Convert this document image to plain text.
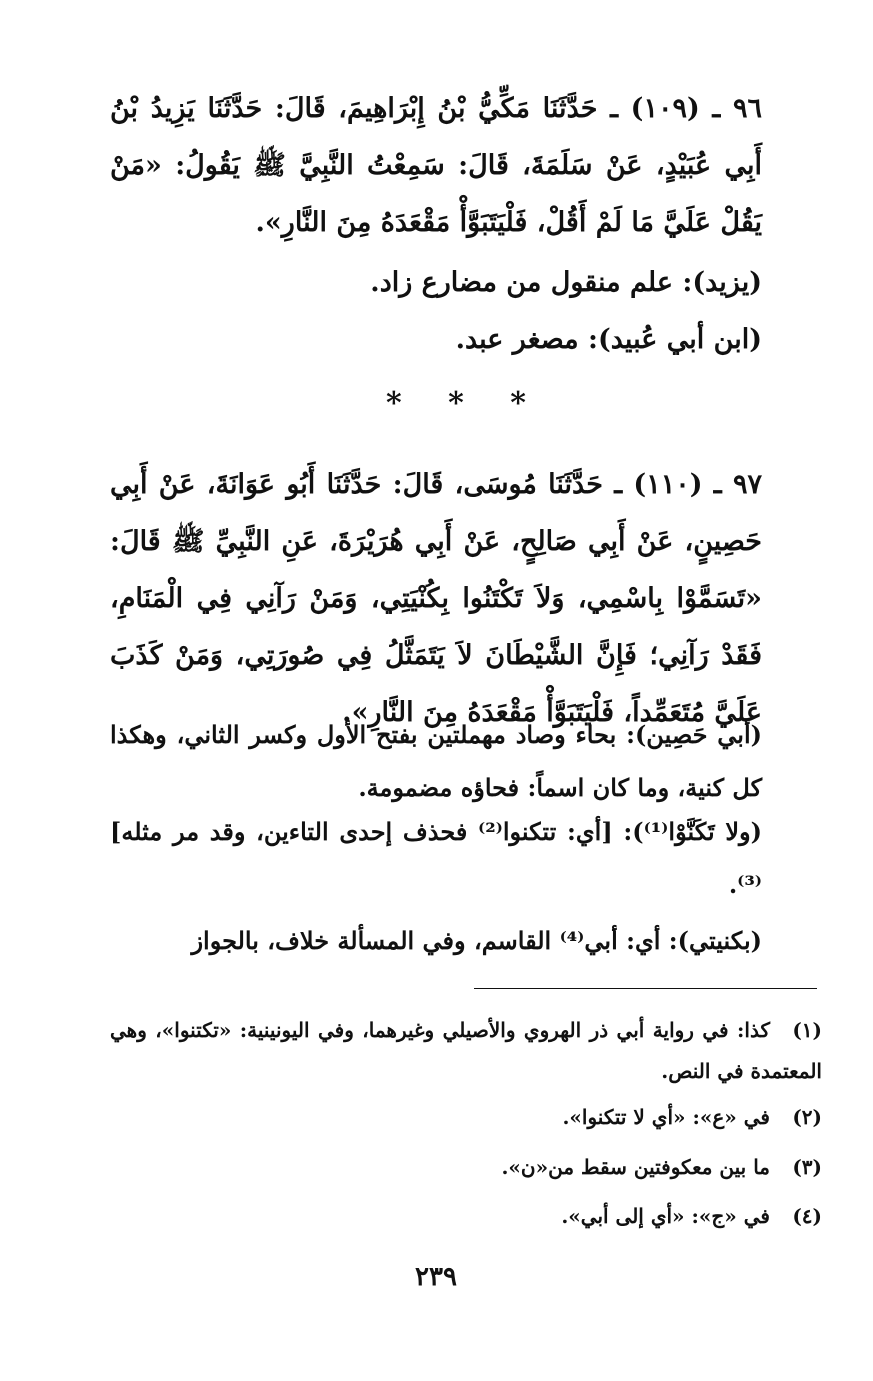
٩٦ ـ (١٠٩) ـ حَدَّثَنَا مَكِّيُّ بْنُ إِبْرَاهِيمَ، قَالَ: حَدَّثَنَا يَزِيدُ بْنُ أَبِي عُبَيْدٍ، عَنْ سَلَمَةَ، قَالَ: سَمِعْتُ النَّبِيَّ ﷺ يَقُولُ: «مَنْ يَقُلْ عَلَيَّ مَا لَمْ أَقُلْ، فَلْيَتَبَوَّأْ مَقْعَدَهُ مِنَ النَّارِ».
(يزيد): علم منقول من مضارع زاد.
(ابن أبي عُبيد): مصغر عبد.
* * *
٩٧ ـ (١١٠) ـ حَدَّثَنَا مُوسَى، قَالَ: حَدَّثَنَا أَبُو عَوَانَةَ، عَنْ أَبِي حَصِينٍ، عَنْ أَبِي صَالِحٍ، عَنْ أَبِي هُرَيْرَةَ، عَنِ النَّبِيِّ ﷺ قَالَ: «تَسَمَّوْا بِاسْمِي، وَلاَ تَكْتَنُوا بِكُنْيَتِي، وَمَنْ رَآنِي فِي الْمَنَامِ، فَقَدْ رَآنِي؛ فَإِنَّ الشَّيْطَانَ لاَ يَتَمَثَّلُ فِي صُورَتِي، وَمَنْ كَذَبَ عَلَيَّ مُتَعَمِّداً، فَلْيَتَبَوَّأْ مَقْعَدَهُ مِنَ النَّارِ».
(أبي حَصِين): بحاء وصاد مهملتين بفتح الأول وكسر الثاني، وهكذا كل كنية، وما كان اسماً: فحاؤه مضمومة.
(ولا تَكَنَّوْا⁽¹⁾): [أي: تتكنوا⁽²⁾ فحذف إحدى التاءين، وقد مر مثله]⁽³⁾.
(بكنيتي): أي: أبي⁽⁴⁾ القاسم، وفي المسألة خلاف، بالجواز
(١)كذا: في رواية أبي ذر الهروي والأصيلي وغيرهما، وفي اليونينية: «تكتنوا»، وهي المعتمدة في النص.
(٢)في «ع»: «أي لا تتكنوا».
(٣)ما بين معكوفتين سقط من«ن».
(٤)في «ج»: «أي إلى أبي».
٢٣٩
